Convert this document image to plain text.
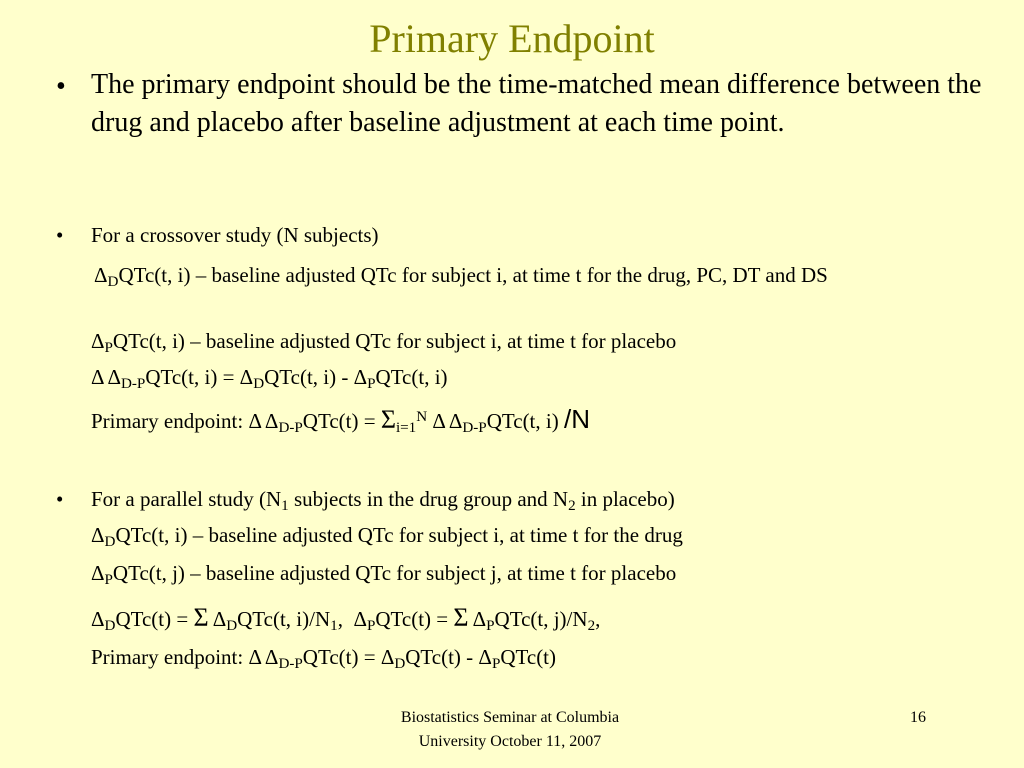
Primary Endpoint
• The primary endpoint should be the time-matched mean difference between the drug and placebo after baseline adjustment at each time point.
• For a crossover study (N subjects)
$\Delta_DQTc(t$, i) – baseline adjusted QTc for subject i, at time t for the drug, PC, DT and DS
$\Delta_PQTc(t$, i) – baseline adjusted QTc for subject i, at time t for placebo
Δ $\Delta_{D-P}QTc(t$, $i) = \Delta_DQTc(t$, $i) - \Delta_PQTc(t$, i)
Primary endpoint: Δ $\Delta_{D-P}QTc(t) = \Sigma_{i=1}^N$ Δ $\Delta_{D-P}QTc(t$, i) /N
• For a parallel study ($N_1$ subjects in the drug group and $N_2$ in placebo)
$\Delta_DQTc(t$, i) – baseline adjusted QTc for subject i, at time t for the drug
$\Delta_PQTc(t$, j) – baseline adjusted QTc for subject j, at time t for placebo
$\Delta_DQTc(t) = \Sigma$ $\Delta_DQTc(t$, $i)/N_1$,  $\Delta_PQTc(t) = \Sigma$ $\Delta_PQTc(t$, $j)/N_2$,
Primary endpoint: Δ $\Delta_{D-P}QTc(t) = \Delta_DQTc(t) - \Delta_PQTc(t)$
Biostatistics Seminar at Columbia
University October 11, 2007
16
